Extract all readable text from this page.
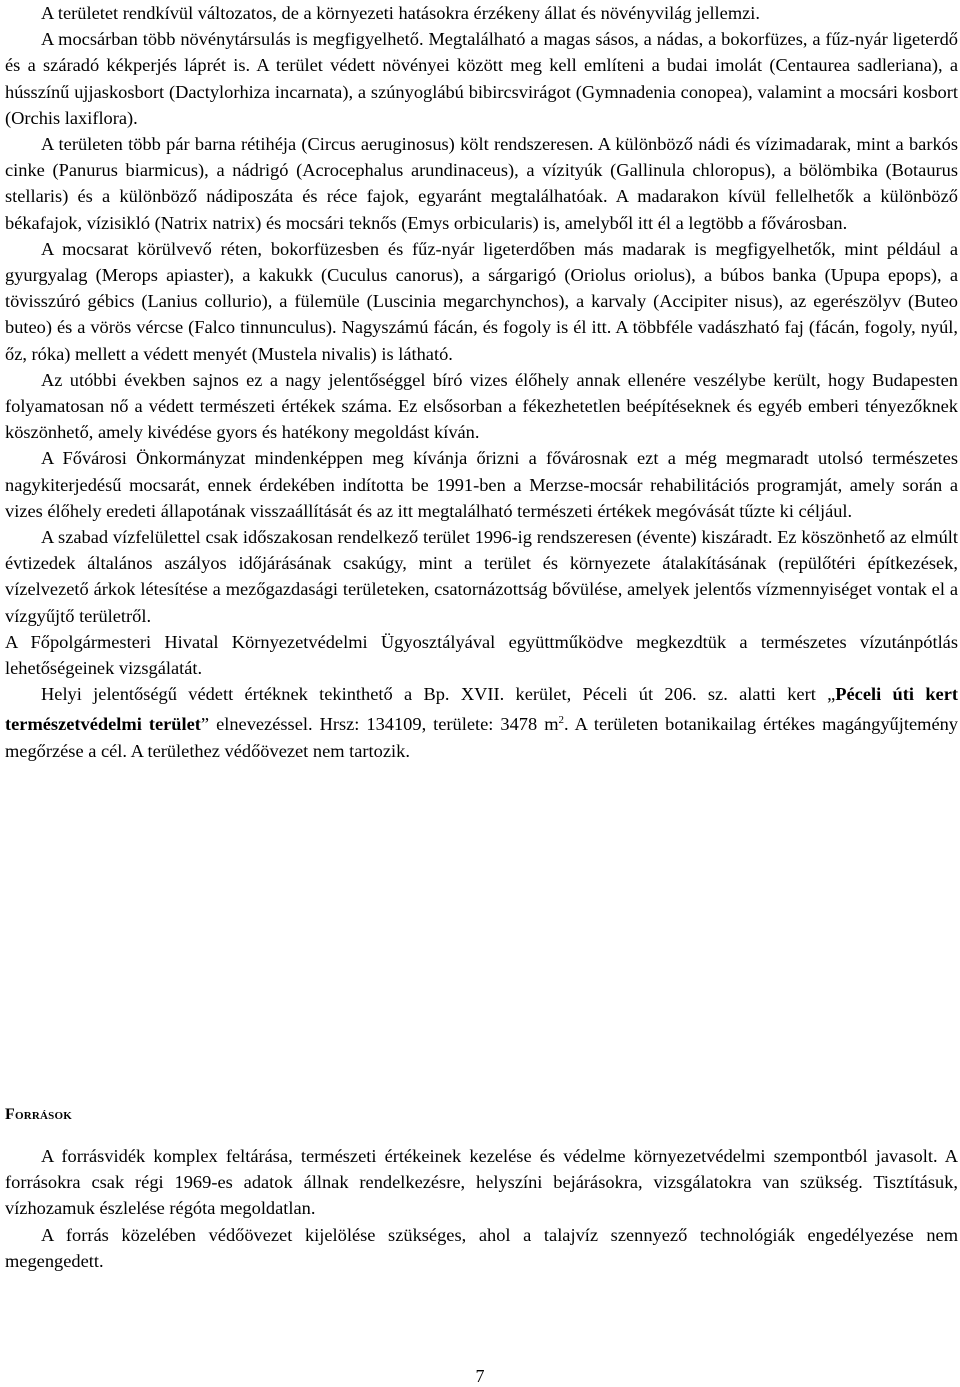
A területet rendkívül változatos, de a környezeti hatásokra érzékeny állat és növényvilág jellemzi.

A mocsárban több növénytársulás is megfigyelhető. Megtalálható a magas sásos, a nádas, a bokorfüzes, a fűz-nyár ligeterdő és a száradó kékperjés láprét is. A terület védett növényei között meg kell említeni a budai imolát (Centaurea sadleriana), a hússzínű ujjaskosbort (Dactylorhiza incarnata), a szúnyoglábú bibircsvirágot (Gymnadenia conopea), valamint a mocsári kosbort (Orchis laxiflora).

A területen több pár barna rétihéja (Circus aeruginosus) költ rendszeresen. A különböző nádi és vízimadarak, mint a barkós cinke (Panurus biarmicus), a nádrigó (Acrocephalus arundinaceus), a vízityúk (Gallinula chloropus), a bölömbika (Botaurus stellaris) és a különböző nádiposzáta és réce fajok, egyaránt megtalálhatóak. A madarakon kívül fellelhetők a különböző békafajok, vízisikló (Natrix natrix) és mocsári teknős (Emys orbicularis) is, amelyből itt él a legtöbb a fővárosban.

A mocsarat körülvevő réten, bokorfüzesben és fűz-nyár ligeterdőben más madarak is megfigyelhetők, mint például a gyurgyalag (Merops apiaster), a kakukk (Cuculus canorus), a sárgarigó (Oriolus oriolus), a búbos banka (Upupa epops), a tövisszúró gébics (Lanius collurio), a fülemüle (Luscinia megarchynchos), a karvaly (Accipiter nisus), az egerészölyv (Buteo buteo) és a vörös vércse (Falco tinnunculus). Nagyszámú fácán, és fogoly is él itt. A többféle vadászható faj (fácán, fogoly, nyúl, őz, róka) mellett a védett menyét (Mustela nivalis) is látható.

Az utóbbi években sajnos ez a nagy jelentőséggel bíró vizes élőhely annak ellenére veszélybe került, hogy Budapesten folyamatosan nő a védett természeti értékek száma. Ez elsősorban a fékezhetetlen beépítéseknek és egyéb emberi tényezőknek köszönhető, amely kivédése gyors és hatékony megoldást kíván.

A Fővárosi Önkormányzat mindenképpen meg kívánja őrizni a fővárosnak ezt a még megmaradt utolsó természetes nagykiterjedésű mocsarát, ennek érdekében indította be 1991-ben a Merzse-mocsár rehabilitációs programját, amely során a vizes élőhely eredeti állapotának visszaállítását és az itt megtalálható természeti értékek megóvását tűzte ki céljául.

A szabad vízfelülettel csak időszakosan rendelkező terület 1996-ig rendszeresen (évente) kiszáradt. Ez köszönhető az elmúlt évtizedek általános aszályos időjárásának csakúgy, mint a terület és környezete átalakításának (repülőtéri építkezések, vízelvezető árkok létesítése a mezőgazdasági területeken, csatornázottság bővülése, amelyek jelentős vízmennyiséget vontak el a vízgyűjtő területről.

A Főpolgármesteri Hivatal Környezetvédelmi Ügyosztályával együttműködve megkezdtük a természetes vízutánpótlás lehetőségeinek vizsgálatát.

Helyi jelentőségű védett értéknek tekinthető a Bp. XVII. kerület, Péceli út 206. sz. alatti kert „Péceli úti kert természetvédelmi terület” elnevezéssel. Hrsz: 134109, területe: 3478 $m^2$. A területen botanikailag értékes magángyűjtemény megőrzése a cél. A területhez védőövezet nem tartozik.

Források

A forrásvidék komplex feltárása, természeti értékeinek kezelése és védelme környezetvédelmi szempontból javasolt. A forrásokra csak régi 1969-es adatok állnak rendelkezésre, helyszíni bejárásokra, vizsgálatokra van szükség. Tisztításuk, vízhozamuk észlelése régóta megoldatlan.

A forrás közelében védőövezet kijelölése szükséges, ahol a talajvíz szennyező technológiák engedélyezése nem megengedett.

7
